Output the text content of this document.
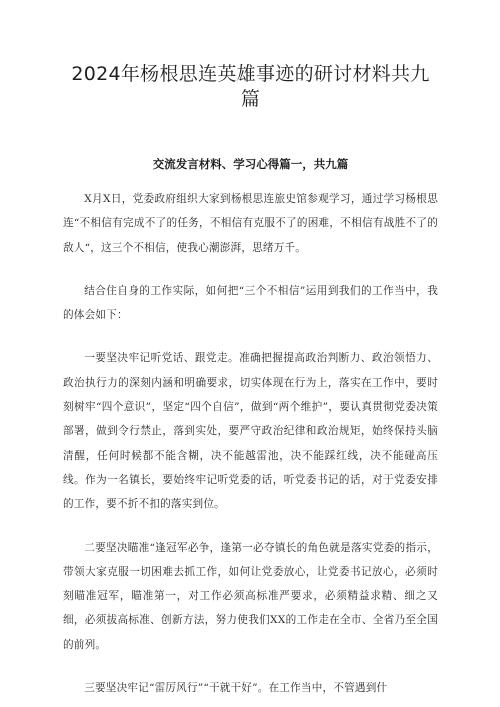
2024年杨根思连英雄事迹的研讨材料共九篇
交流发言材料、学习心得篇一，共九篇

X月X日，党委政府组织大家到杨根思连旅史馆参观学习，通过学习杨根思连“不相信有完成不了的任务，不相信有克服不了的困难，不相信有战胜不了的敌人“，这三个不相信，使我心潮澎湃，思绪万千。

结合住自身的工作实际，如何把“三个不相信”运用到我们的工作当中，我的体会如下：

一要坚决牢记听党话、跟党走。准确把握提高政治判断力、政治领悟力、政治执行力的深刻内涵和明确要求，切实体现在行为上，落实在工作中，要时刻树牢“四个意识”，坚定“四个自信”，做到“两个维护”，要认真贯彻党委决策部署，做到令行禁止，落到实处，要严守政治纪律和政治规矩，始终保持头脑清醒，任何时候都不能含糊，决不能越雷池，决不能踩红线，决不能碰高压线。作为一名镇长，要始终牢记听党委的话，听党委书记的话，对于党委安排的工作，要不折不扣的落实到位。

二要坚决瞄准“逢冠军必争，逢第一必夺镇长的角色就是落实党委的指示，带领大家克服一切困难去抓工作，如何让党委放心，让党委书记放心，必须时刻瞄准冠军，瞄准第一，对工作必须高标准严要求，必须精益求精、细之又细，必须拔高标准、创新方法，努力使我们XX的工作走在全市、全省乃至全国的前列。

三要坚决牢记“雷厉风行”“干就干好”。在工作当中，不管遇到什
